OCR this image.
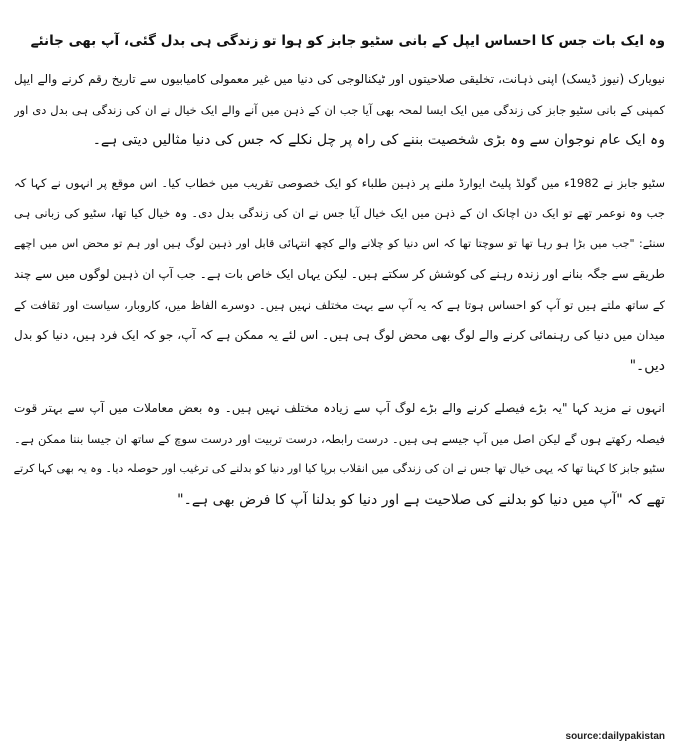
وہ ایک بات جس کا احساس ایپل کے بانی سٹیو جابز کو ہوا تو زندگی ہی بدل گئی، آپ بھی جانئے

نیویارک (نیوز ڈیسک) اپنی ذہانت، تخلیقی صلاحیتوں اور ٹیکنالوجی کی دنیا میں غیر معمولی کامیابیوں سے تاریخ رقم کرنے والے ایپل
کمپنی کے بانی سٹیو جابز کی زندگی میں ایک ایسا لمحہ بھی آیا جب ان کے ذہن میں آنے والے ایک خیال نے ان کی زندگی ہی بدل دی اور
وہ ایک عام نوجوان سے وہ بڑی شخصیت بننے کی راہ پر چل نکلے کہ جس کی دنیا مثالیں دیتی ہے۔

سٹیو جابز نے 1982ء میں گولڈ پلیٹ ایوارڈ ملنے پر ذہین طلباء کو ایک خصوصی تقریب میں خطاب کیا۔ اس موقع پر انہوں نے کہا کہ
جب وہ نوعمر تھے تو ایک دن اچانک ان کے ذہن میں ایک خیال آیا جس نے ان کی زندگی بدل دی۔ وہ خیال کیا تھا، سٹیو کی زبانی ہی
سنئے: "جب میں بڑا ہو رہا تھا تو سوچتا تھا کہ اس دنیا کو چلانے والے کچھ انتہائی قابل اور ذہین لوگ ہیں اور ہم تو محض اس میں اچھے
طریقے سے جگہ بنانے اور زندہ رہنے کی کوشش کر سکتے ہیں۔ لیکن یہاں ایک خاص بات ہے۔ جب آپ ان ذہین لوگوں میں سے چند
کے ساتھ ملتے ہیں تو آپ کو احساس ہوتا ہے کہ یہ آپ سے بہت مختلف نہیں ہیں۔ دوسرے الفاظ میں، کاروبار، سیاست اور ثقافت کے
میدان میں دنیا کی رہنمائی کرنے والے لوگ بھی محض لوگ ہی ہیں۔ اس لئے یہ ممکن ہے کہ آپ، جو کہ ایک فرد ہیں، دنیا کو بدل
دیں۔"

انہوں نے مزید کہا "یہ بڑے فیصلے کرنے والے بڑے لوگ آپ سے زیادہ مختلف نہیں ہیں۔ وہ بعض معاملات میں آپ سے بہتر قوت
فیصلہ رکھتے ہوں گے لیکن اصل میں آپ جیسے ہی ہیں۔ درست رابطہ، درست تربیت اور درست سوچ کے ساتھ ان جیسا بننا ممکن ہے۔
سٹیو جابز کا کہنا تھا کہ یہی خیال تھا جس نے ان کی زندگی میں انقلاب برپا کیا اور دنیا کو بدلنے کی ترغیب اور حوصلہ دیا۔ وہ یہ بھی کہا کرتے
تھے کہ "آپ میں دنیا کو بدلنے کی صلاحیت ہے اور دنیا کو بدلنا آپ کا فرض بھی ہے۔"

source:dailypakistan
